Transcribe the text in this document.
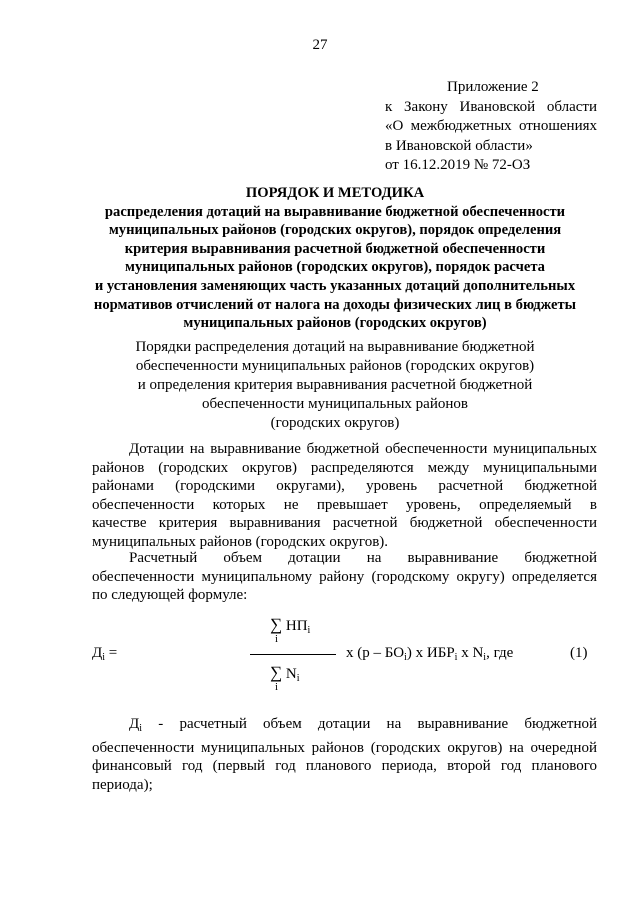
27
Приложение 2
к Закону Ивановской области
«О межбюджетных отношениях
в Ивановской области»
от 16.12.2019 № 72-ОЗ
ПОРЯДОК И МЕТОДИКА
распределения дотаций на выравнивание бюджетной обеспеченности
муниципальных районов (городских округов), порядок определения
критерия выравнивания расчетной бюджетной обеспеченности
муниципальных районов (городских округов), порядок расчета
и установления заменяющих часть указанных дотаций дополнительных
нормативов отчислений от налога на доходы физических лиц в бюджеты
муниципальных районов (городских округов)
Порядки распределения дотаций на выравнивание бюджетной
обеспеченности муниципальных районов (городских округов)
и определения критерия выравнивания расчетной бюджетной
обеспеченности муниципальных районов
(городских округов)
Дотации на выравнивание бюджетной обеспеченности муниципальных
районов (городских округов) распределяются между муниципальными
районами (городскими округами), уровень расчетной бюджетной
обеспеченности которых не превышает уровень, определяемый в
качестве критерия выравнивания расчетной бюджетной обеспеченности
муниципальных районов (городских округов).
Расчетный объем дотации на выравнивание бюджетной
обеспеченности муниципальному району (городскому округу) определяется
по следующей формуле:
∑ $НП_i$
i
$Д_i$ =	x $(р - БО_i)$ x $ИБР_i$ x $N_i$, где	(1)
∑ $N_i$
i
$Д_i$ - расчетный объем дотации на выравнивание бюджетной
обеспеченности муниципальных районов (городских округов) на очередной
финансовый год (первый год планового периода, второй год планового
периода);
